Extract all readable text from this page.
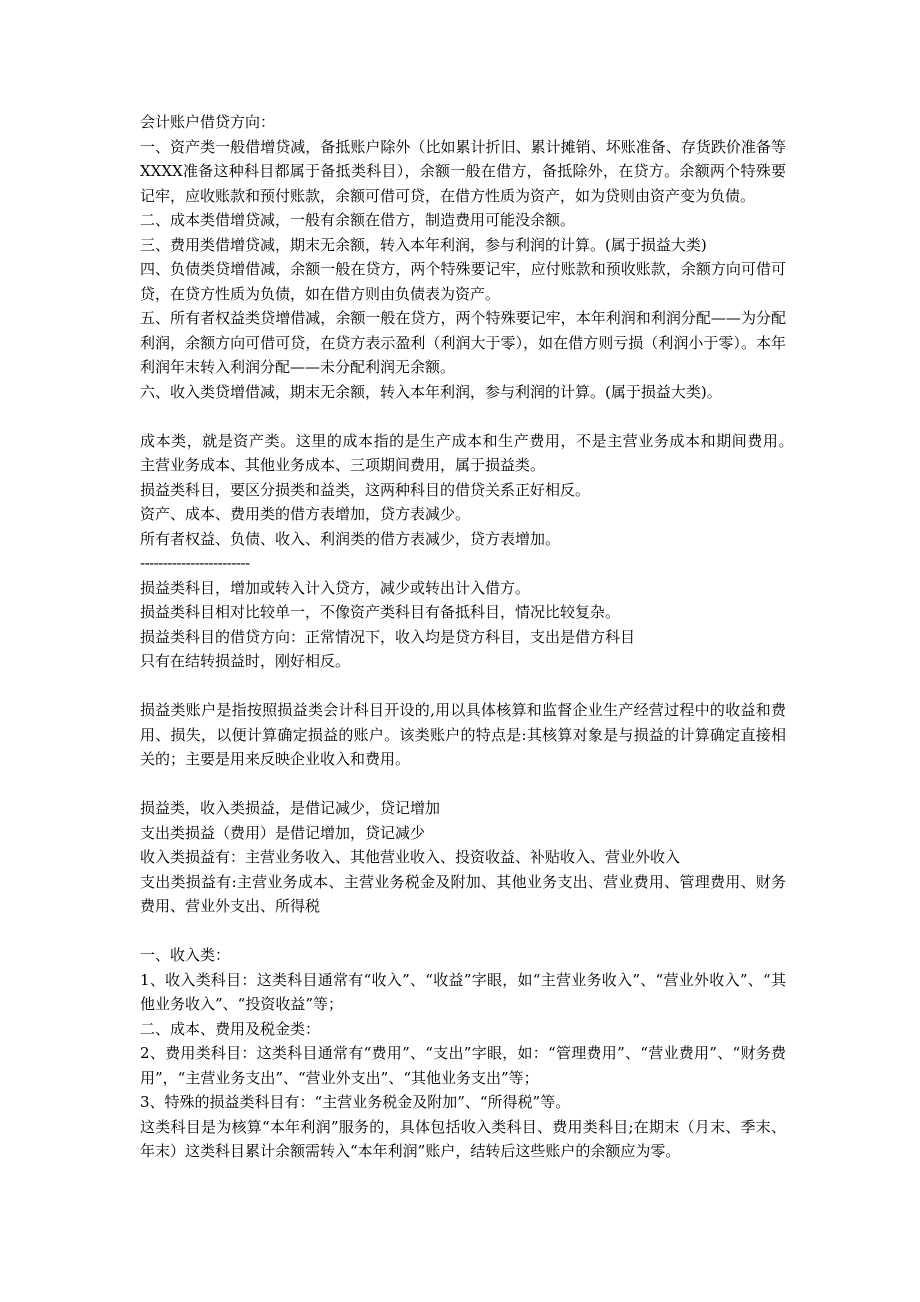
会计账户借贷方向：

一、资产类一般借增贷减，备抵账户除外（比如累计折旧、累计摊销、坏账准备、存货跌价准备等XXXX准备这种科目都属于备抵类科目），余额一般在借方，备抵除外，在贷方。余额两个特殊要记牢，应收账款和预付账款，余额可借可贷，在借方性质为资产，如为贷则由资产变为负债。

二、成本类借增贷减，一般有余额在借方，制造费用可能没余额。

三、费用类借增贷减，期末无余额，转入本年利润，参与利润的计算。(属于损益大类)

四、负债类贷增借减，余额一般在贷方，两个特殊要记牢，应付账款和预收账款，余额方向可借可贷，在贷方性质为负债，如在借方则由负债表为资产。

五、所有者权益类贷增借减，余额一般在贷方，两个特殊要记牢，本年利润和利润分配——为分配利润，余额方向可借可贷，在贷方表示盈利（利润大于零），如在借方则亏损（利润小于零）。本年利润年末转入利润分配——未分配利润无余额。

六、收入类贷增借减，期末无余额，转入本年利润，参与利润的计算。(属于损益大类)。

成本类，就是资产类。这里的成本指的是生产成本和生产费用，不是主营业务成本和期间费用。　主营业务成本、其他业务成本、三项期间费用，属于损益类。

损益类科目，要区分损类和益类，这两种科目的借贷关系正好相反。

资产、成本、费用类的借方表增加，贷方表减少。

所有者权益、负债、收入、利润类的借方表减少，贷方表增加。

------------------------

损益类科目，增加或转入计入贷方，减少或转出计入借方。

损益类科目相对比较单一，不像资产类科目有备抵科目，情况比较复杂。

损益类科目的借贷方向：正常情况下，收入均是贷方科目，支出是借方科目

只有在结转损益时，刚好相反。

损益类账户是指按照损益类会计科目开设的,用以具体核算和监督企业生产经营过程中的收益和费用、损失，以便计算确定损益的账户。该类账户的特点是:其核算对象是与损益的计算确定直接相关的；主要是用来反映企业收入和费用。

损益类，收入类损益，是借记减少，贷记增加

支出类损益（费用）是借记增加，贷记减少

收入类损益有：主营业务收入、其他营业收入、投资收益、补贴收入、营业外收入

支出类损益有:主营业务成本、主营业务税金及附加、其他业务支出、营业费用、管理费用、财务费用、营业外支出、所得税

一、收入类：

1、收入类科目：这类科目通常有“收入”、“收益”字眼，如“主营业务收入”、“营业外收入”、“其他业务收入”、“投资收益”等；

二、成本、费用及税金类：

2、费用类科目：这类科目通常有“费用”、“支出”字眼，如：“管理费用”、“营业费用”、“财务费用”，“主营业务支出”、“营业外支出”、“其他业务支出”等；

3、特殊的损益类科目有：“主营业务税金及附加”、“所得税”等。

这类科目是为核算“本年利润”服务的，具体包括收入类科目、费用类科目;在期末（月末、季末、年末）这类科目累计余额需转入“本年利润”账户，结转后这些账户的余额应为零。
